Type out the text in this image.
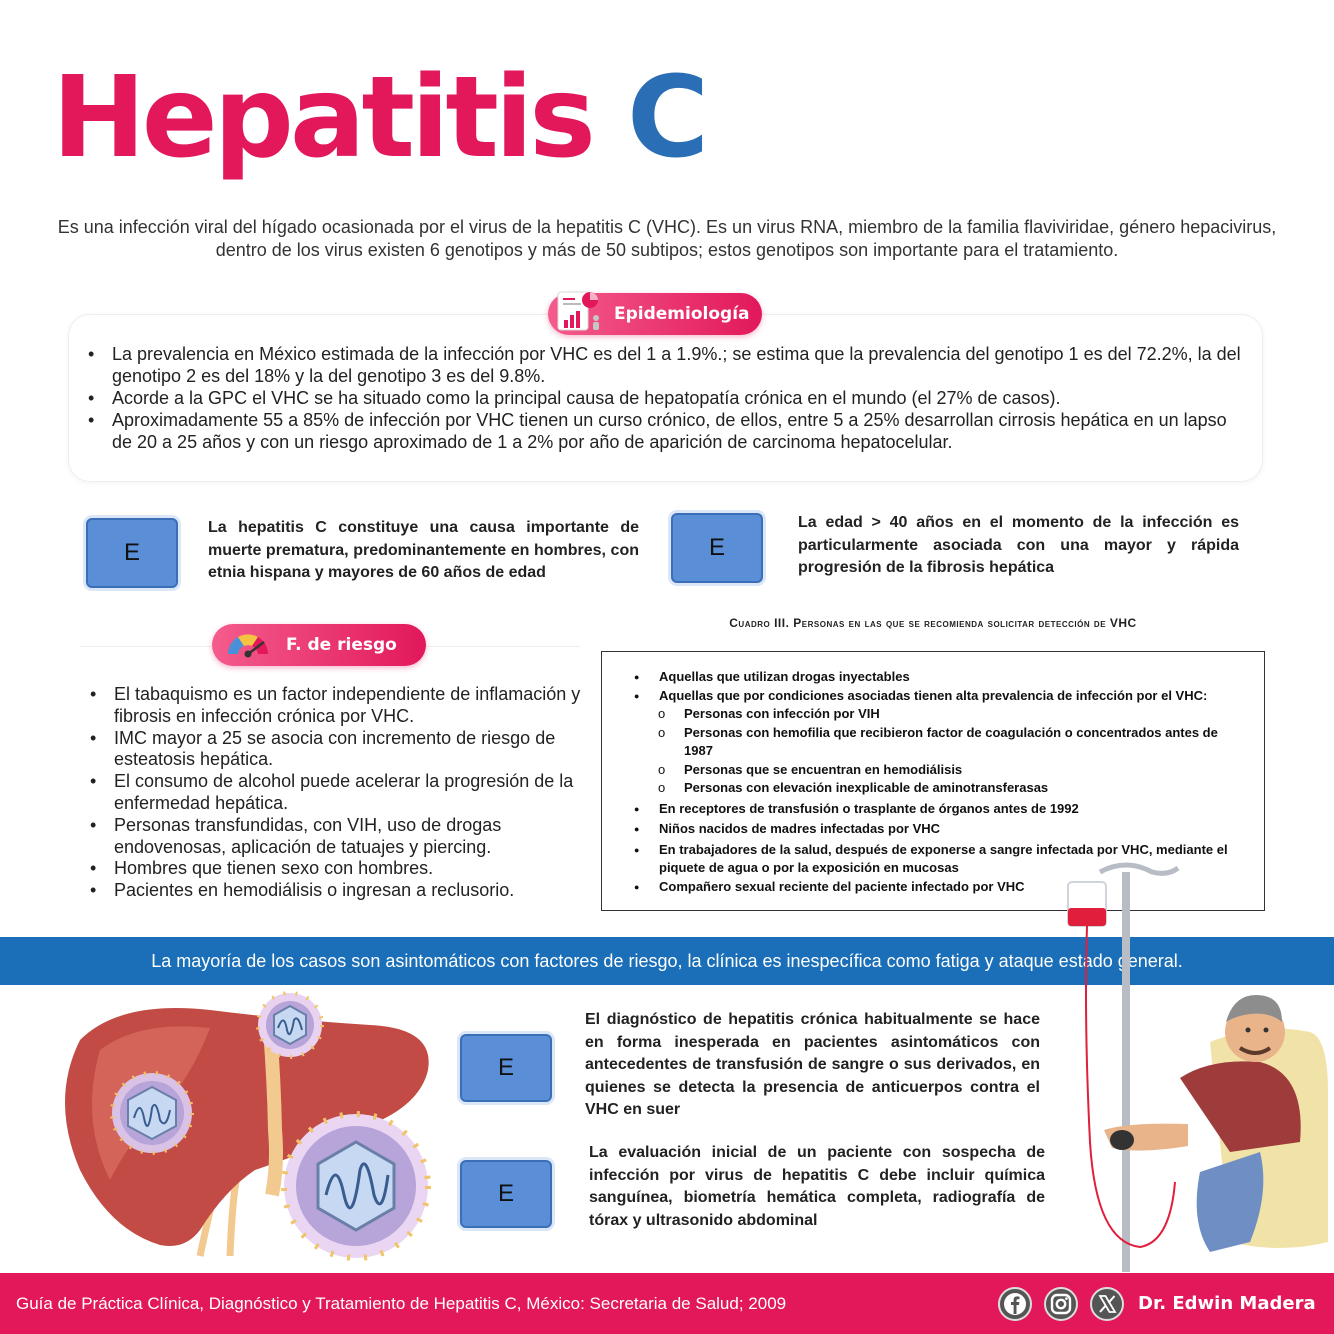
Hepatitis C

Es una infección viral del hígado ocasionada por el virus de la hepatitis C (VHC). Es un virus RNA, miembro de la familia flaviviridae, género hepacivirus, dentro de los virus existen 6 genotipos y más de 50 subtipos; estos genotipos son importante para el tratamiento.

Epidemiología
• La prevalencia en México estimada de la infección por VHC es del 1 a 1.9%.; se estima que la prevalencia del genotipo 1 es del 72.2%, la del genotipo 2 es del 18% y la del genotipo 3 es del 9.8%.
• Acorde a la GPC el VHC se ha situado como la principal causa de hepatopatía crónica en el mundo (el 27% de casos).
• Aproximadamente 55 a 85% de infección por VHC tienen un curso crónico, de ellos, entre 5 a 25% desarrollan cirrosis hepática en un lapso de 20 a 25 años y con un riesgo aproximado de 1 a 2% por año de aparición de carcinoma hepatocelular.
E

La hepatitis C constituye una causa importante de muerte prematura, predominantemente en hombres, con etnia hispana y mayores de 60 años de edad

E

La edad > 40 años en el momento de la infección es particularmente asociada con una mayor y rápida progresión de la fibrosis hepática

F. de riesgo
• El tabaquismo es un factor independiente de inflamación y fibrosis en infección crónica por VHC.
• IMC mayor a 25 se asocia con incremento de riesgo de esteatosis hepática.
• El consumo de alcohol puede acelerar la progresión de la enfermedad hepática.
• Personas transfundidas, con VIH, uso de drogas endovenosas, aplicación de tatuajes y piercing.
• Hombres que tienen sexo con hombres.
• Pacientes en hemodiálisis o ingresan a reclusorio.
Cuadro III. Personas en las que se recomienda solicitar detección de VHC
● Aquellas que utilizan drogas inyectables
● Aquellas que por condiciones asociadas tienen alta prevalencia de infección por el VHC:
o Personas con infección por VIH
o Personas con hemofilia que recibieron factor de coagulación o concentrados antes de 1987
o Personas que se encuentran en hemodiálisis
o Personas con elevación inexplicable de aminotransferasas
● En receptores de transfusión o trasplante de órganos antes de 1992
● Niños nacidos de madres infectadas por VHC
● En trabajadores de la salud, después de exponerse a sangre infectada por VHC, mediante el piquete de agua o por la exposición en mucosas
● Compañero sexual reciente del paciente infectado por VHC
La mayoría de los casos son asintomáticos con factores de riesgo, la clínica es inespecífica como fatiga y ataque estado general.
E

El diagnóstico de hepatitis crónica habitualmente se hace en forma inesperada en pacientes asintomáticos con antecedentes de transfusión de sangre o sus derivados, en quienes se detecta la presencia de anticuerpos contra el VHC en suer

E

La evaluación inicial de un paciente con sospecha de infección por virus de hepatitis C debe incluir química sanguínea, biometría hemática completa, radiografía de tórax y ultrasonido abdominal

Guía de Práctica Clínica, Diagnóstico y Tratamiento de Hepatitis C, México: Secretaria de Salud; 2009	Dr. Edwin Madera
